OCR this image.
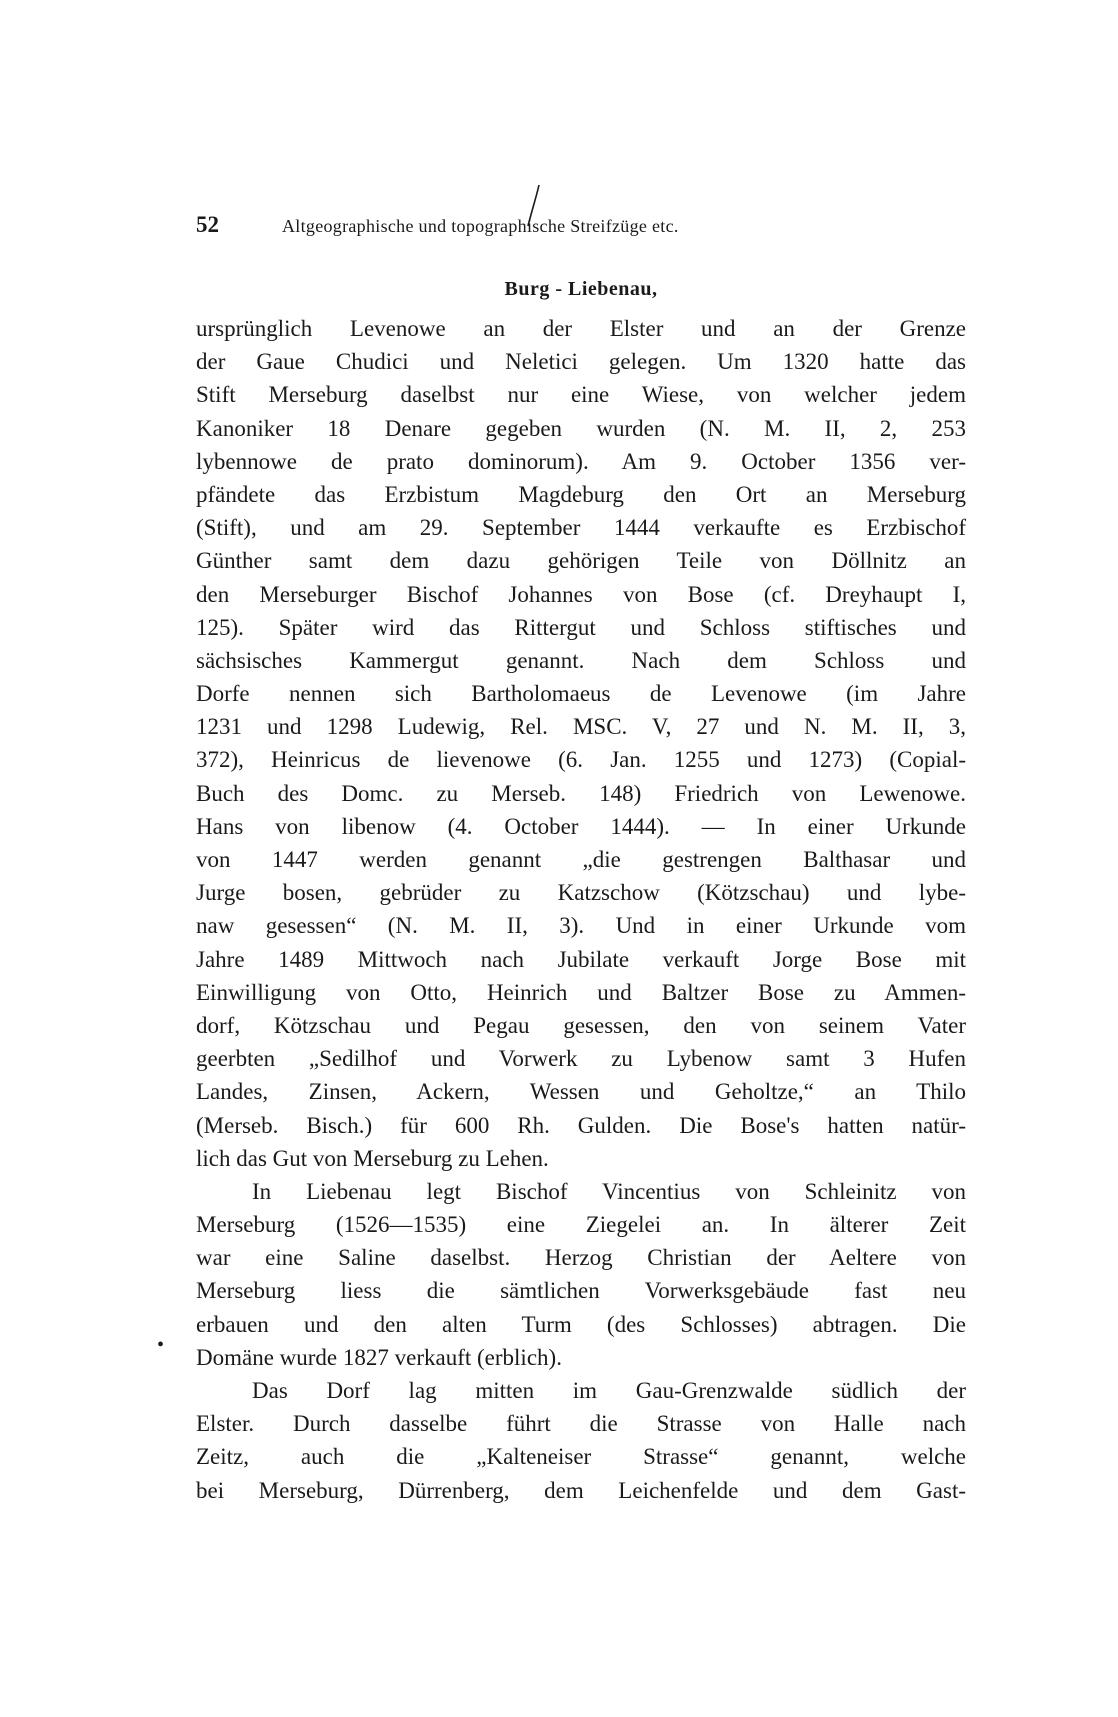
52	Altgeographische und topographische Streifzüge etc.
Burg - Liebenau,
ursprünglich Levenowe an der Elster und an der Grenze
der Gaue Chudici und Neletici gelegen. Um 1320 hatte das
Stift Merseburg daselbst nur eine Wiese, von welcher jedem
Kanoniker 18 Denare gegeben wurden (N. M. II, 2, 253
lybennowe de prato dominorum). Am 9. October 1356 ver-
pfändete das Erzbistum Magdeburg den Ort an Merseburg
(Stift), und am 29. September 1444 verkaufte es Erzbischof
Günther samt dem dazu gehörigen Teile von Döllnitz an
den Merseburger Bischof Johannes von Bose (cf. Dreyhaupt I,
125). Später wird das Rittergut und Schloss stiftisches und
sächsisches Kammergut genannt. Nach dem Schloss und
Dorfe nennen sich Bartholomaeus de Levenowe (im Jahre
1231 und 1298 Ludewig, Rel. MSC. V, 27 und N. M. II, 3,
372), Heinricus de lievenowe (6. Jan. 1255 und 1273) (Copial-
Buch des Domc. zu Merseb. 148) Friedrich von Lewenowe.
Hans von libenow (4. October 1444). — In einer Urkunde
von 1447 werden genannt „die gestrengen Balthasar und
Jurge bosen, gebrüder zu Katzschow (Kötzschau) und lybe-
naw gesessen“ (N. M. II, 3). Und in einer Urkunde vom
Jahre 1489 Mittwoch nach Jubilate verkauft Jorge Bose mit
Einwilligung von Otto, Heinrich und Baltzer Bose zu Ammen-
dorf, Kötzschau und Pegau gesessen, den von seinem Vater
geerbten „Sedilhof und Vorwerk zu Lybenow samt 3 Hufen
Landes, Zinsen, Ackern, Wessen und Geholtze,“ an Thilo
(Merseb. Bisch.) für 600 Rh. Gulden. Die Bose's hatten natür-
lich das Gut von Merseburg zu Lehen.
In Liebenau legt Bischof Vincentius von Schleinitz von
Merseburg (1526—1535) eine Ziegelei an. In älterer Zeit
war eine Saline daselbst. Herzog Christian der Aeltere von
Merseburg liess die sämtlichen Vorwerksgebäude fast neu
erbauen und den alten Turm (des Schlosses) abtragen. Die
Domäne wurde 1827 verkauft (erblich).
Das Dorf lag mitten im Gau-Grenzwalde südlich der
Elster. Durch dasselbe führt die Strasse von Halle nach
Zeitz, auch die „Kalteneiser Strasse“ genannt, welche
bei Merseburg, Dürrenberg, dem Leichenfelde und dem Gast-
•
